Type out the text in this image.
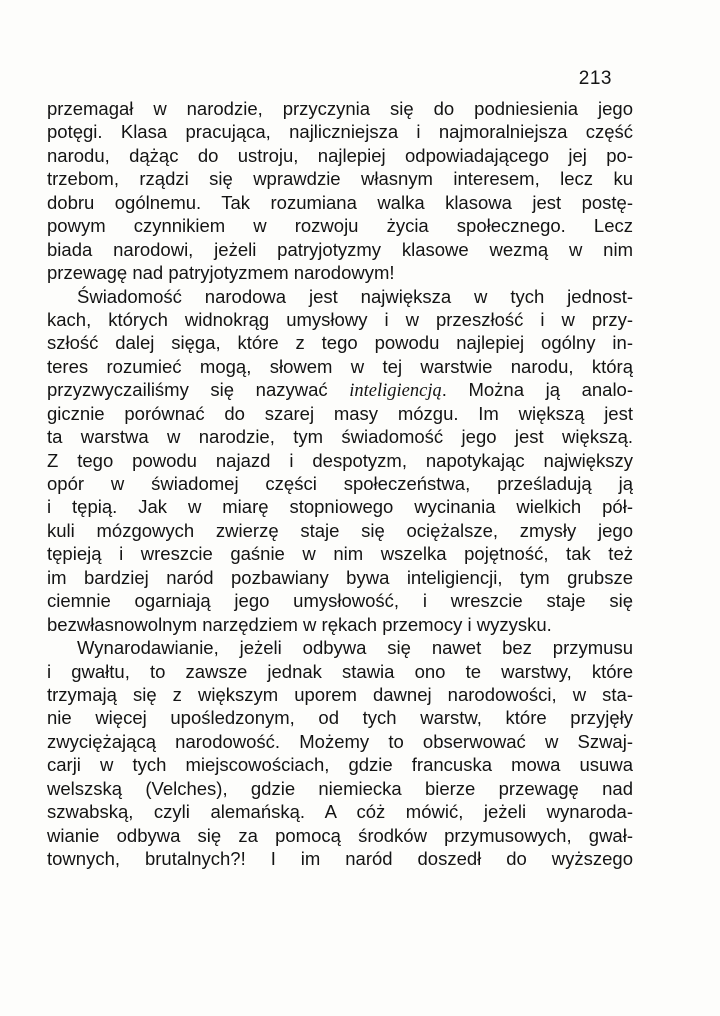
213
przemagał w narodzie, przyczynia się do podniesienia jego
potęgi. Klasa pracująca, najliczniejsza i najmoralniejsza część
narodu, dążąc do ustroju, najlepiej odpowiadającego jej po-
trzebom, rządzi się wprawdzie własnym interesem, lecz ku
dobru ogólnemu. Tak rozumiana walka klasowa jest postę-
powym czynnikiem w rozwoju życia społecznego. Lecz
biada narodowi, jeżeli patryjotyzmy klasowe wezmą w nim
przewagę nad patryjotyzmem narodowym!
Świadomość narodowa jest największa w tych jednost-
kach, których widnokrąg umysłowy i w przeszłość i w przy-
szłość dalej sięga, które z tego powodu najlepiej ogólny in-
teres rozumieć mogą, słowem w tej warstwie narodu, którą
przyzwyczailiśmy się nazywać inteligiencją. Można ją analo-
gicznie porównać do szarej masy mózgu. Im większą jest
ta warstwa w narodzie, tym świadomość jego jest większą.
Z tego powodu najazd i despotyzm, napotykając największy
opór w świadomej części społeczeństwa, prześladują ją
i tępią. Jak w miarę stopniowego wycinania wielkich pół-
kuli mózgowych zwierzę staje się ociężalsze, zmysły jego
tępieją i wreszcie gaśnie w nim wszelka pojętność, tak też
im bardziej naród pozbawiany bywa inteligiencji, tym grubsze
ciemnie ogarniają jego umysłowość, i wreszcie staje się
bezwłasnowolnym narzędziem w rękach przemocy i wyzysku.
Wynarodawianie, jeżeli odbywa się nawet bez przymusu
i gwałtu, to zawsze jednak stawia ono te warstwy, które
trzymają się z większym uporem dawnej narodowości, w sta-
nie więcej upośledzonym, od tych warstw, które przyjęły
zwyciężającą narodowość. Możemy to obserwować w Szwaj-
carji w tych miejscowościach, gdzie francuska mowa usuwa
welszską (Velches), gdzie niemiecka bierze przewagę nad
szwabską, czyli alemańską. A cóż mówić, jeżeli wynaroda-
wianie odbywa się za pomocą środków przymusowych, gwał-
townych, brutalnych?! I im naród doszedł do wyższego
